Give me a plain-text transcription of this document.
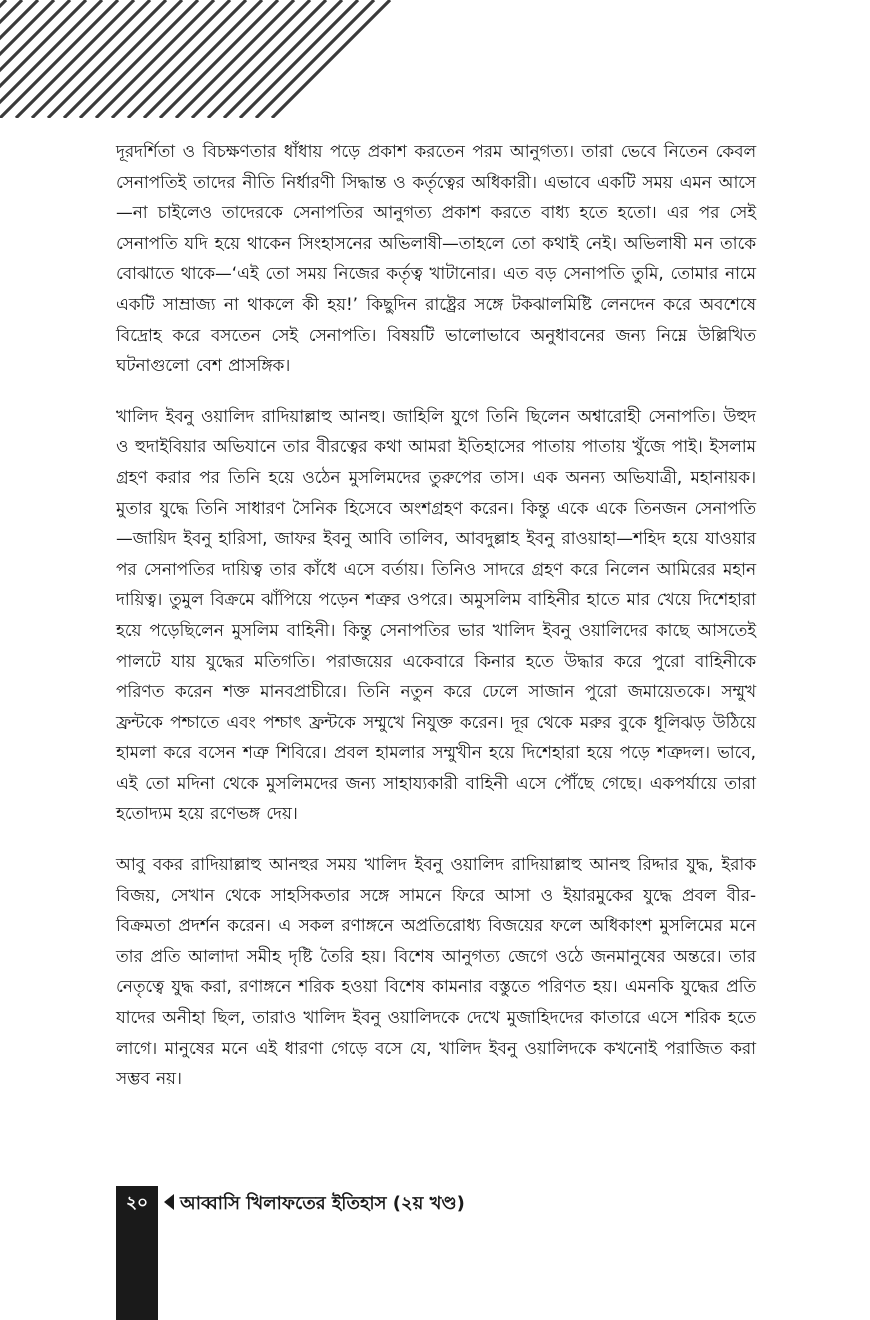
দূরদর্শিতা ও বিচক্ষণতার ধাঁধায় পড়ে প্রকাশ করতেন পরম আনুগত্য। তারা ভেবে নিতেন কেবল সেনাপতিই তাদের নীতি নির্ধারণী সিদ্ধান্ত ও কর্তৃত্বের অধিকারী। এভাবে একটি সময় এমন আসে—না চাইলেও তাদেরকে সেনাপতির আনুগত্য প্রকাশ করতে বাধ্য হতে হতো। এর পর সেই সেনাপতি যদি হয়ে থাকেন সিংহাসনের অভিলাষী—তাহলে তো কথাই নেই। অভিলাষী মন তাকে বোঝাতে থাকে—‘এই তো সময় নিজের কর্তৃত্ব খাটানোর। এত বড় সেনাপতি তুমি, তোমার নামে একটি সাম্রাজ্য না থাকলে কী হয়!’ কিছুদিন রাষ্ট্রের সঙ্গে টকঝালমিষ্টি লেনদেন করে অবশেষে বিদ্রোহ করে বসতেন সেই সেনাপতি। বিষয়টি ভালোভাবে অনুধাবনের জন্য নিম্নে উল্লিখিত ঘটনাগুলো বেশ প্রাসঙ্গিক।

খালিদ ইবনু ওয়ালিদ রাদিয়াল্লাহু আনহু। জাহিলি যুগে তিনি ছিলেন অশ্বারোহী সেনাপতি। উহুদ ও হুদাইবিয়ার অভিযানে তার বীরত্বের কথা আমরা ইতিহাসের পাতায় পাতায় খুঁজে পাই। ইসলাম গ্রহণ করার পর তিনি হয়ে ওঠেন মুসলিমদের তুরুপের তাস। এক অনন্য অভিযাত্রী, মহানায়ক। মুতার যুদ্ধে তিনি সাধারণ সৈনিক হিসেবে অংশগ্রহণ করেন। কিন্তু একে একে তিনজন সেনাপতি—জায়িদ ইবনু হারিসা, জাফর ইবনু আবি তালিব, আবদুল্লাহ ইবনু রাওয়াহা—শহিদ হয়ে যাওয়ার পর সেনাপতির দায়িত্ব তার কাঁধে এসে বর্তায়। তিনিও সাদরে গ্রহণ করে নিলেন আমিরের মহান দায়িত্ব। তুমুল বিক্রমে ঝাঁপিয়ে পড়েন শত্রুর ওপরে। অমুসলিম বাহিনীর হাতে মার খেয়ে দিশেহারা হয়ে পড়েছিলেন মুসলিম বাহিনী। কিন্তু সেনাপতির ভার খালিদ ইবনু ওয়ালিদের কাছে আসতেই পালটে যায় যুদ্ধের মতিগতি। পরাজয়ের একেবারে কিনার হতে উদ্ধার করে পুরো বাহিনীকে পরিণত করেন শক্ত মানবপ্রাচীরে। তিনি নতুন করে ঢেলে সাজান পুরো জমায়েতকে। সম্মুখ ফ্রন্টকে পশ্চাতে এবং পশ্চাৎ ফ্রন্টকে সম্মুখে নিযুক্ত করেন। দূর থেকে মরুর বুকে ধূলিঝড় উঠিয়ে হামলা করে বসেন শত্রু শিবিরে। প্রবল হামলার সম্মুখীন হয়ে দিশেহারা হয়ে পড়ে শত্রুদল। ভাবে, এই তো মদিনা থেকে মুসলিমদের জন্য সাহায্যকারী বাহিনী এসে পৌঁছে গেছে। একপর্যায়ে তারা হতোদ্যম হয়ে রণেভঙ্গ দেয়।

আবু বকর রাদিয়াল্লাহু আনহুর সময় খালিদ ইবনু ওয়ালিদ রাদিয়াল্লাহু আনহু রিদ্দার যুদ্ধ, ইরাক বিজয়, সেখান থেকে সাহসিকতার সঙ্গে সামনে ফিরে আসা ও ইয়ারমুকের যুদ্ধে প্রবল বীর-বিক্রমতা প্রদর্শন করেন। এ সকল রণাঙ্গনে অপ্রতিরোধ্য বিজয়ের ফলে অধিকাংশ মুসলিমের মনে তার প্রতি আলাদা সমীহ দৃষ্টি তৈরি হয়। বিশেষ আনুগত্য জেগে ওঠে জনমানুষের অন্তরে। তার নেতৃত্বে যুদ্ধ করা, রণাঙ্গনে শরিক হওয়া বিশেষ কামনার বস্তুতে পরিণত হয়। এমনকি যুদ্ধের প্রতি যাদের অনীহা ছিল, তারাও খালিদ ইবনু ওয়ালিদকে দেখে মুজাহিদদের কাতারে এসে শরিক হতে লাগে। মানুষের মনে এই ধারণা গেড়ে বসে যে, খালিদ ইবনু ওয়ালিদকে কখনোই পরাজিত করা সম্ভব নয়।

২০	আব্বাসি খিলাফতের ইতিহাস (২য় খণ্ড)
